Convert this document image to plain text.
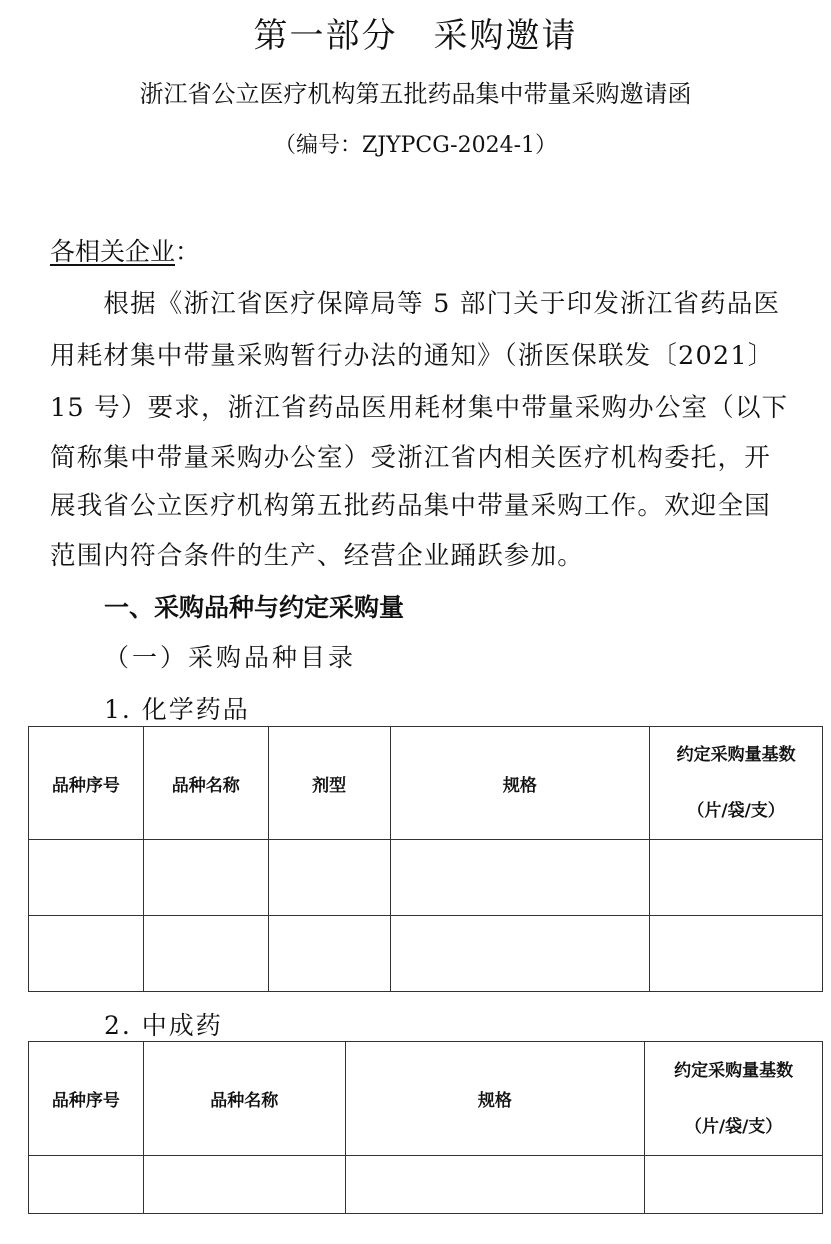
第一部分　采购邀请
浙江省公立医疗机构第五批药品集中带量采购邀请函
（编号：ZJYPCG-2024-1）
各相关企业：
　　根据《浙江省医疗保障局等 5 部门关于印发浙江省药品医
用耗材集中带量采购暂行办法的通知》（浙医保联发〔2021〕
15 号）要求，浙江省药品医用耗材集中带量采购办公室（以下
简称集中带量采购办公室）受浙江省内相关医疗机构委托，开
展我省公立医疗机构第五批药品集中带量采购工作。欢迎全国
范围内符合条件的生产、经营企业踊跃参加。
一、采购品种与约定采购量
（一）采购品种目录
1. 化学药品
品种序号	品种名称	剂型	规格	约定采购量基数
（片/袋/支）

2. 中成药
品种序号	品种名称	规格	约定采购量基数
（片/袋/支）
